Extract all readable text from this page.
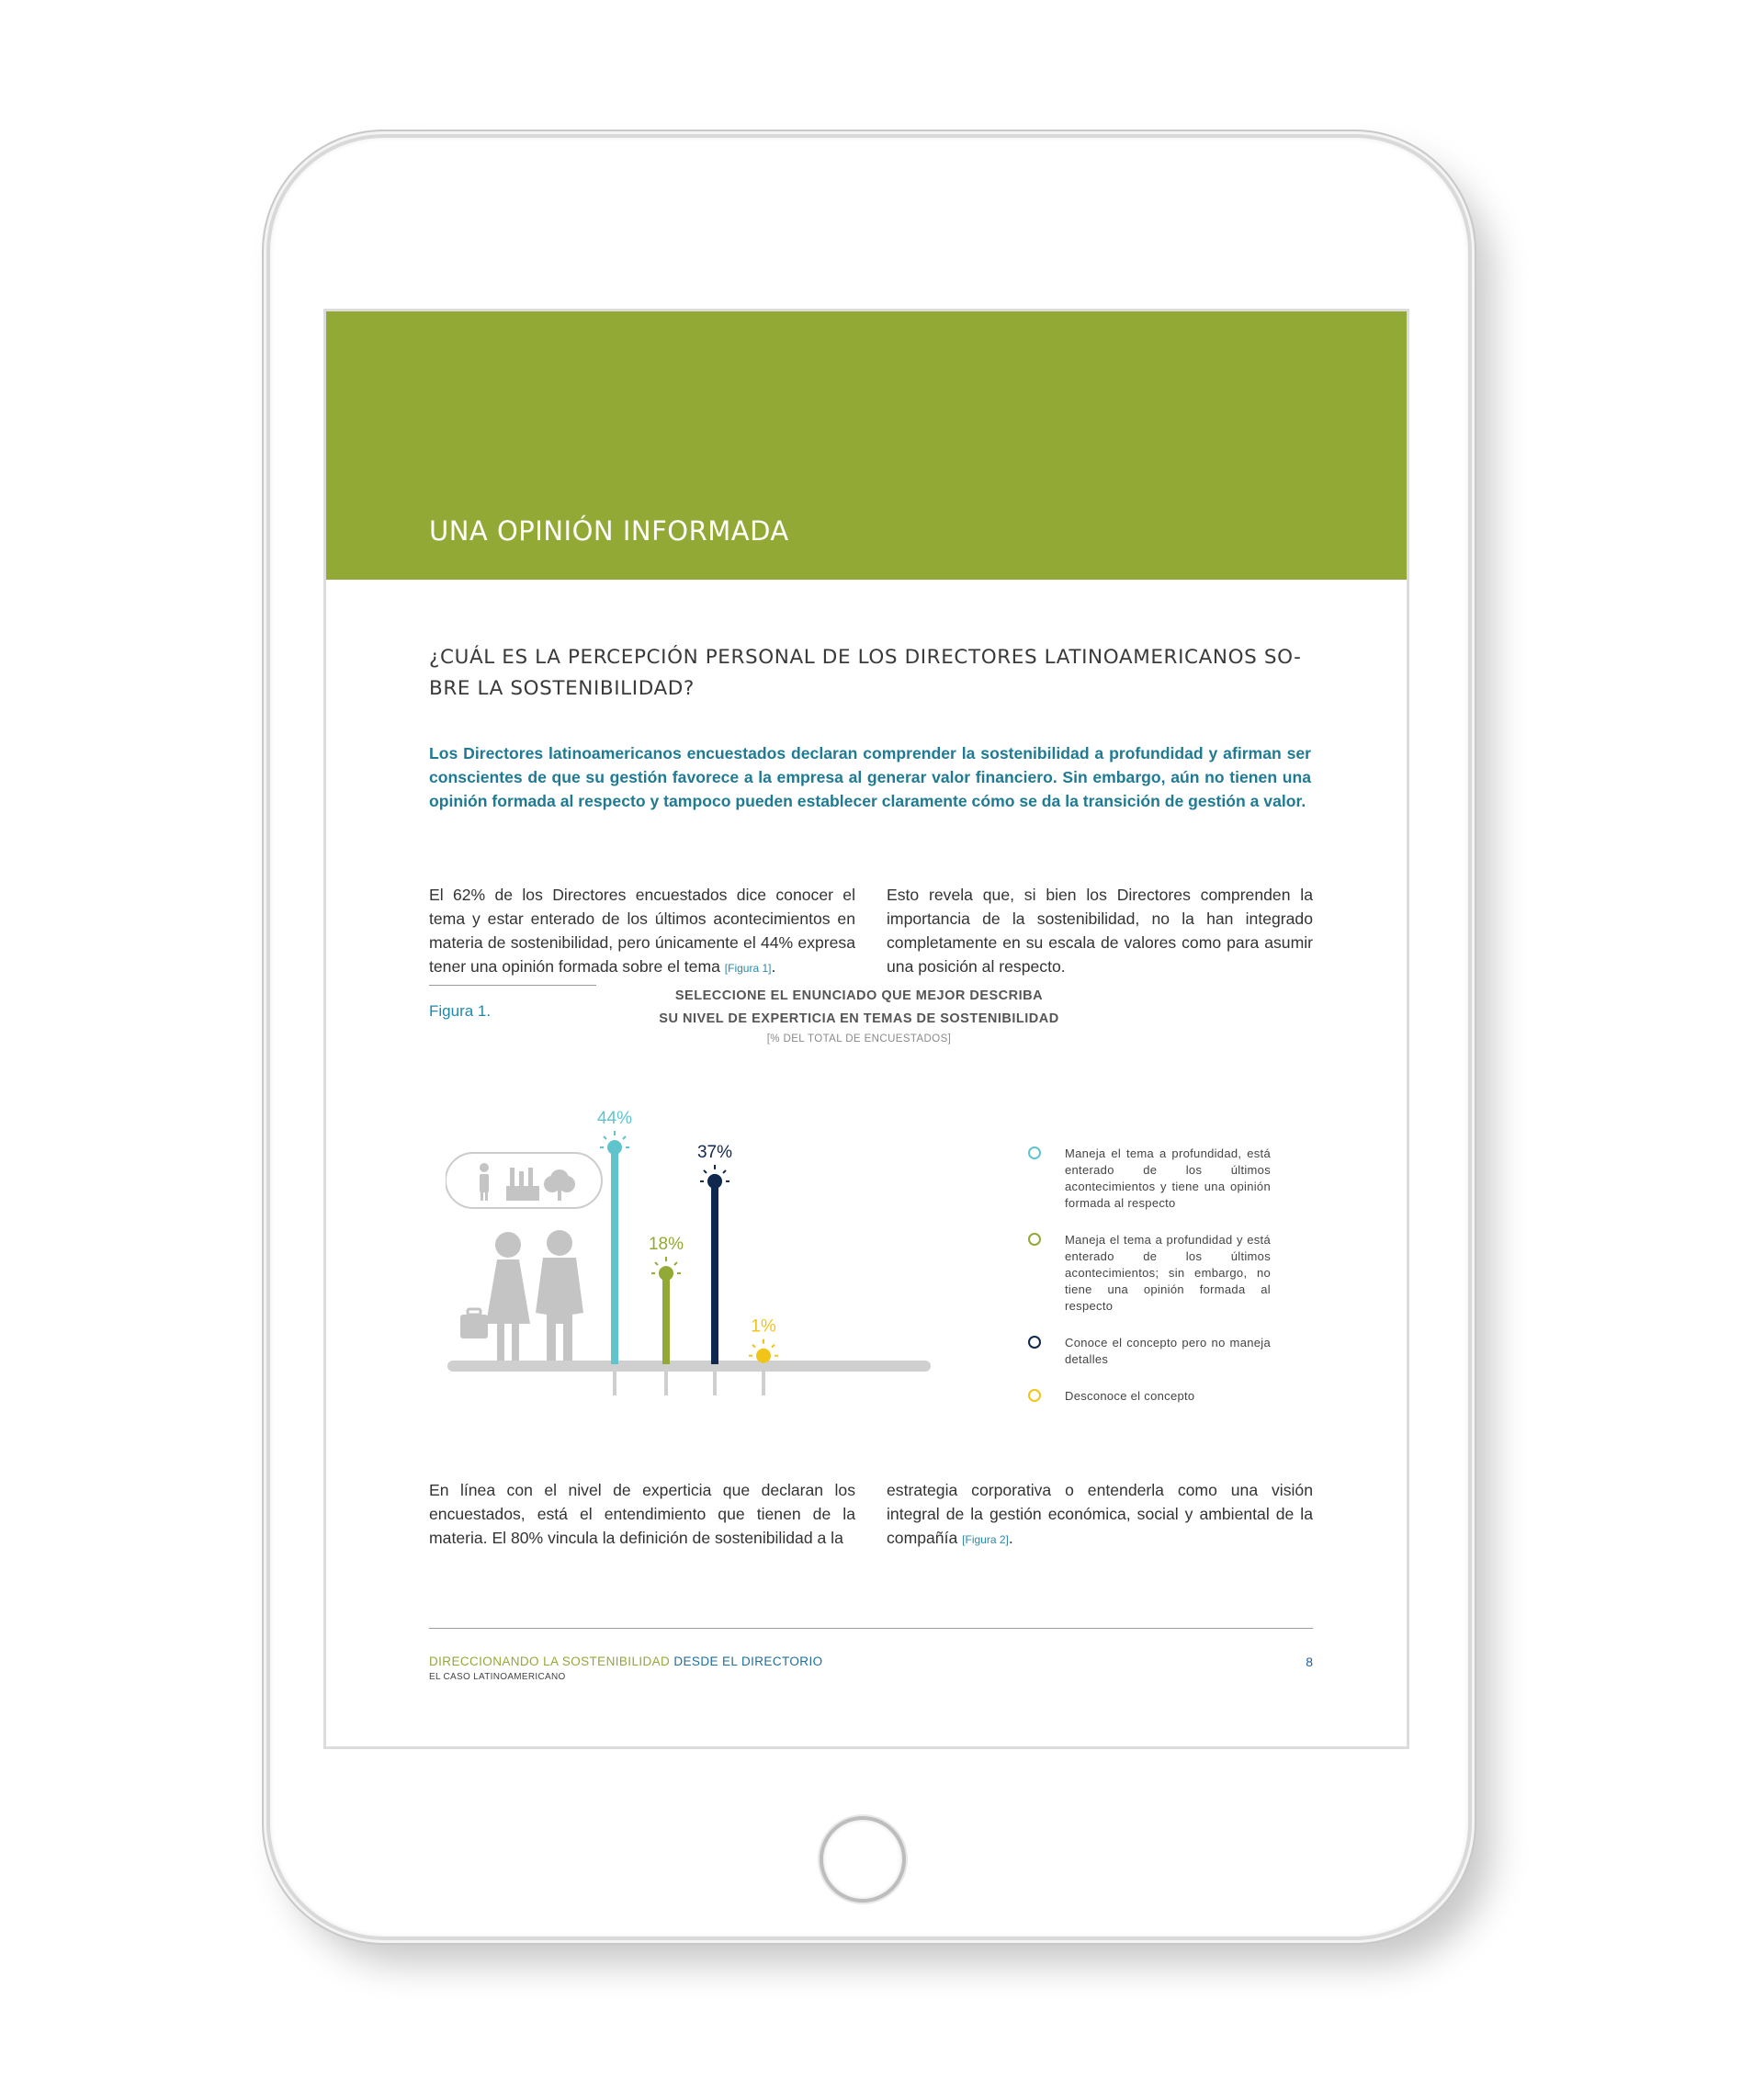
UNA OPINIÓN INFORMADA
¿CUÁL ES LA PERCEPCIÓN PERSONAL DE LOS DIRECTORES LATINOAMERICANOS SO-BRE LA SOSTENIBILIDAD?

Los Directores latinoamericanos encuestados declaran comprender la sostenibilidad a profundidad y afirman ser conscientes de que su gestión favorece a la empresa al generar valor financiero. Sin embargo, aún no tienen una opinión formada al respecto y tampoco pueden establecer claramente cómo se da la transición de gestión a valor.

El 62% de los Directores encuestados dice conocer el tema y estar enterado de los últimos acontecimientos en materia de sostenibilidad, pero únicamente el 44% expresa tener una opinión formada sobre el tema [Figura 1].
Esto revela que, si bien los Directores comprenden la importancia de la sostenibilidad, no la han integrado completamente en su escala de valores como para asumir una posición al respecto.
Figura 1.
SELECCIONE EL ENUNCIADO QUE MEJOR DESCRIBA
SU NIVEL DE EXPERTICIA EN TEMAS DE SOSTENIBILIDAD
[% DEL TOTAL DE ENCUESTADOS]
44%
18%
37%
1%
Maneja el tema a profundidad, está enterado de los últimos acontecimientos y tiene una opinión formada al respecto
Maneja el tema a profundidad y está enterado de los últimos acontecimientos; sin embargo, no tiene una opinión formada al respecto
Conoce el concepto pero no maneja detalles
Desconoce el concepto
En línea con el nivel de experticia que declaran los encuestados, está el entendimiento que tienen de la materia. El 80% vincula la definición de sostenibilidad a la
estrategia corporativa o entenderla como una visión integral de la gestión económica, social y ambiental de la compañía [Figura 2].
DIRECCIONANDO LA SOSTENIBILIDAD DESDE EL DIRECTORIO
EL CASO LATINOAMERICANO
8
